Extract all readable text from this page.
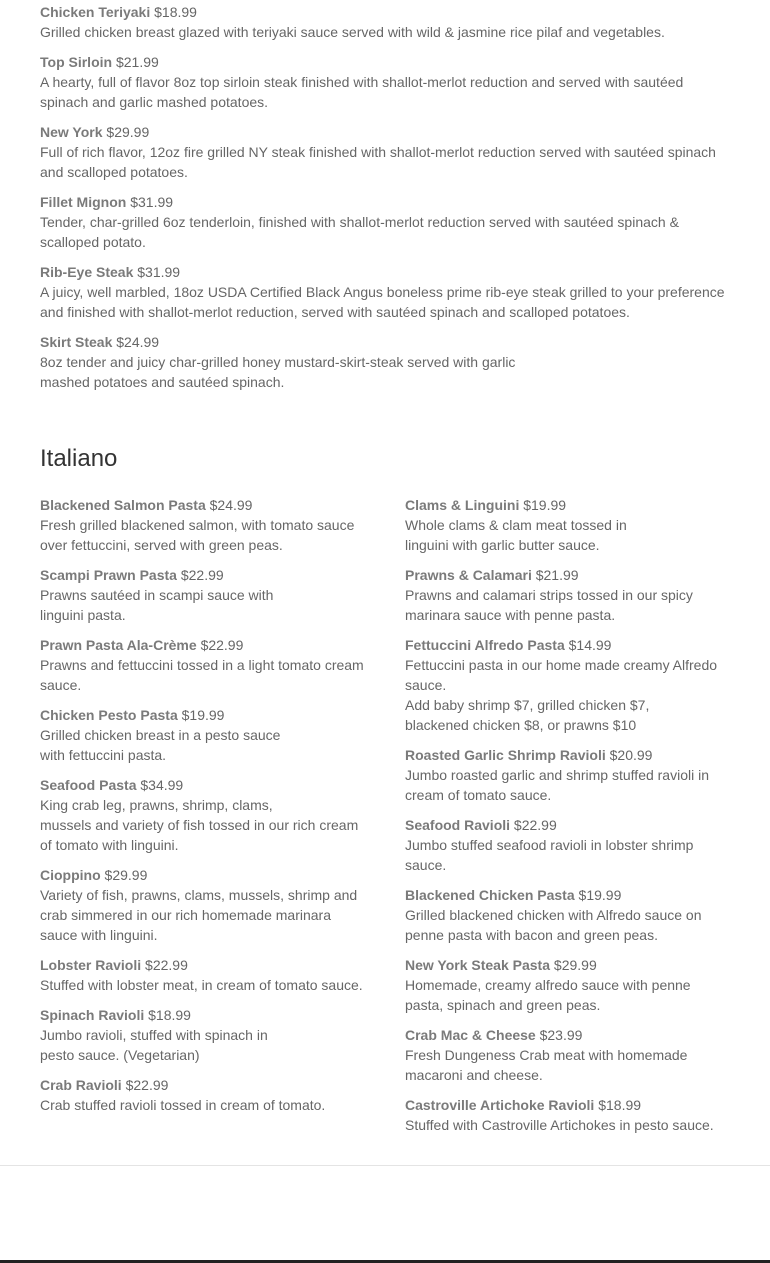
Chicken Teriyaki $18.99
Grilled chicken breast glazed with teriyaki sauce served with wild & jasmine rice pilaf and vegetables.
Top Sirloin $21.99
A hearty, full of flavor 8oz top sirloin steak finished with shallot-merlot reduction and served with sautéed
spinach and garlic mashed potatoes.
New York $29.99
Full of rich flavor, 12oz fire grilled NY steak finished with shallot-merlot reduction served with sautéed spinach
and scalloped potatoes.
Fillet Mignon $31.99
Tender, char-grilled 6oz tenderloin, finished with shallot-merlot reduction served with sautéed spinach &
scalloped potato.
Rib-Eye Steak $31.99
A juicy, well marbled, 18oz USDA Certified Black Angus boneless prime rib-eye steak grilled to your preference
and finished with shallot-merlot reduction, served with sautéed spinach and scalloped potatoes.
Skirt Steak $24.99
8oz tender and juicy char-grilled honey mustard-skirt-steak served with garlic
mashed potatoes and sautéed spinach.
Italiano
Blackened Salmon Pasta $24.99
Fresh grilled blackened salmon, with tomato sauce
over fettuccini, served with green peas.
Scampi Prawn Pasta $22.99
Prawns sautéed in scampi sauce with
linguini pasta.
Prawn Pasta Ala-Crème $22.99
Prawns and fettuccini tossed in a light tomato cream
sauce.
Chicken Pesto Pasta $19.99
Grilled chicken breast in a pesto sauce
with fettuccini pasta.
Seafood Pasta $34.99
King crab leg, prawns, shrimp, clams,
mussels and variety of fish tossed in our rich cream
of tomato with linguini.
Cioppino $29.99
Variety of fish, prawns, clams, mussels, shrimp and
crab simmered in our rich homemade marinara
sauce with linguini.
Lobster Ravioli $22.99
Stuffed with lobster meat, in cream of tomato sauce.
Spinach Ravioli $18.99
Jumbo ravioli, stuffed with spinach in
pesto sauce. (Vegetarian)
Crab Ravioli $22.99
Crab stuffed ravioli tossed in cream of tomato.
Clams & Linguini $19.99
Whole clams & clam meat tossed in
linguini with garlic butter sauce.
Prawns & Calamari $21.99
Prawns and calamari strips tossed in our spicy
marinara sauce with penne pasta.
Fettuccini Alfredo Pasta $14.99
Fettuccini pasta in our home made creamy Alfredo
sauce.
Add baby shrimp $7, grilled chicken $7,
blackened chicken $8, or prawns $10
Roasted Garlic Shrimp Ravioli $20.99
Jumbo roasted garlic and shrimp stuffed ravioli in
cream of tomato sauce.
Seafood Ravioli $22.99
Jumbo stuffed seafood ravioli in lobster shrimp
sauce.
Blackened Chicken Pasta $19.99
Grilled blackened chicken with Alfredo sauce on
penne pasta with bacon and green peas.
New York Steak Pasta $29.99
Homemade, creamy alfredo sauce with penne
pasta, spinach and green peas.
Crab Mac & Cheese $23.99
Fresh Dungeness Crab meat with homemade
macaroni and cheese.
Castroville Artichoke Ravioli $18.99
Stuffed with Castroville Artichokes in pesto sauce.
